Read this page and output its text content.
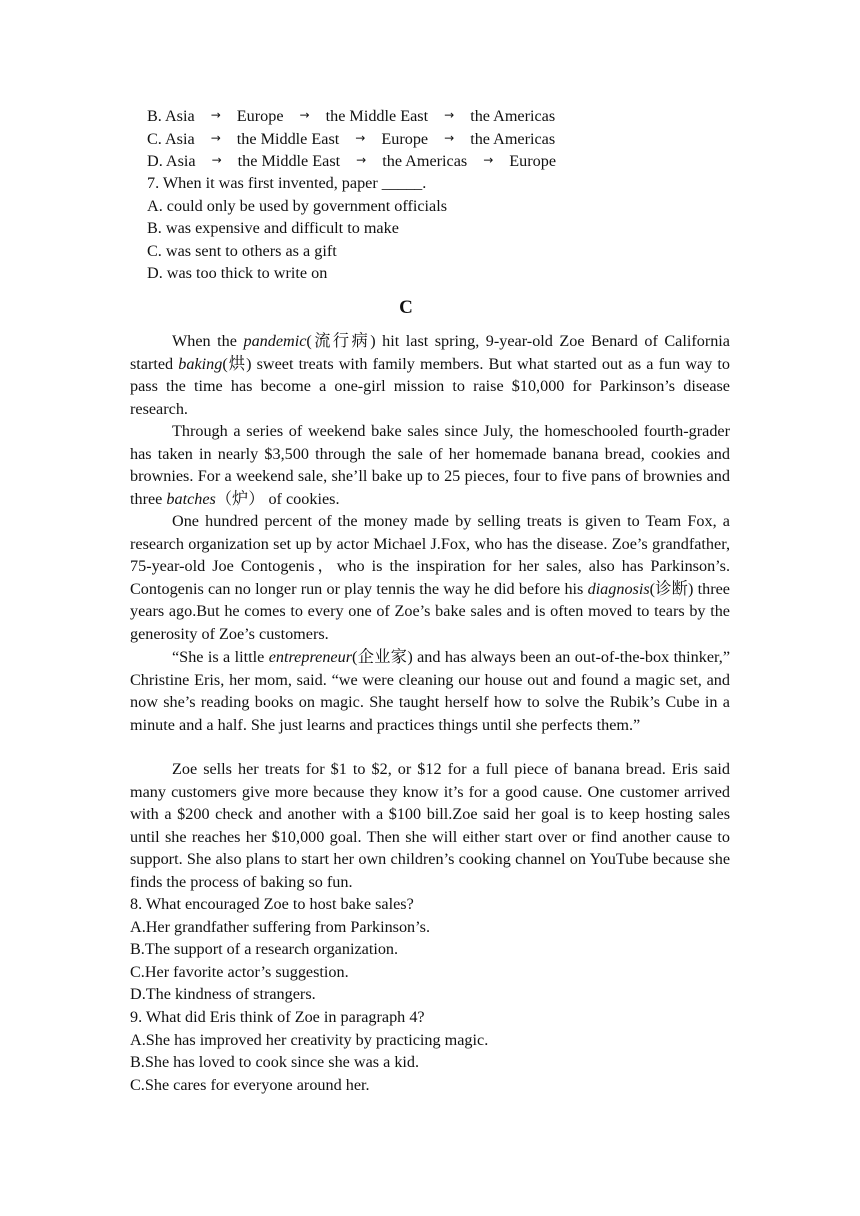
B. Asia → Europe → the Middle East → the Americas
C. Asia → the Middle East → Europe → the Americas
D. Asia → the Middle East → the Americas → Europe
7. When it was first invented, paper _____.
A. could only be used by government officials
B. was expensive and difficult to make
C. was sent to others as a gift
D. was too thick to write on
C

When the pandemic(流行病) hit last spring, 9-year-old Zoe Benard of California started baking(烘) sweet treats with family members. But what started out as a fun way to pass the time has become a one-girl mission to raise $10,000 for Parkinson’s disease research.

Through a series of weekend bake sales since July, the homeschooled fourth-grader has taken in nearly $3,500 through the sale of her homemade banana bread, cookies and brownies. For a weekend sale, she’ll bake up to 25 pieces, four to five pans of brownies and three batches（炉） of cookies.

One hundred percent of the money made by selling treats is given to Team Fox, a research organization set up by actor Michael J.Fox, who has the disease. Zoe’s grandfather, 75-year-old Joe Contogenis，who is the inspiration for her sales, also has Parkinson’s. Contogenis can no longer run or play tennis the way he did before his diagnosis(诊断) three years ago.But he comes to every one of Zoe’s bake sales and is often moved to tears by the generosity of Zoe’s customers.

“She is a little entrepreneur(企业家) and has always been an out-of-the-box thinker,” Christine Eris, her mom, said. “we were cleaning our house out and found a magic set, and now she’s reading books on magic. She taught herself how to solve the Rubik’s Cube in a minute and a half. She just learns and practices things until she perfects them.”

Zoe sells her treats for $1 to $2, or $12 for a full piece of banana bread. Eris said many customers give more because they know it’s for a good cause. One customer arrived with a $200 check and another with a $100 bill.Zoe said her goal is to keep hosting sales until she reaches her $10,000 goal. Then she will either start over or find another cause to support. She also plans to start her own children’s cooking channel on YouTube because she finds the process of baking so fun.

8. What encouraged Zoe to host bake sales?
A.Her grandfather suffering from Parkinson’s.
B.The support of a research organization.
C.Her favorite actor’s suggestion.
D.The kindness of strangers.
9. What did Eris think of Zoe in paragraph 4?
A.She has improved her creativity by practicing magic.
B.She has loved to cook since she was a kid.
C.She cares for everyone around her.
